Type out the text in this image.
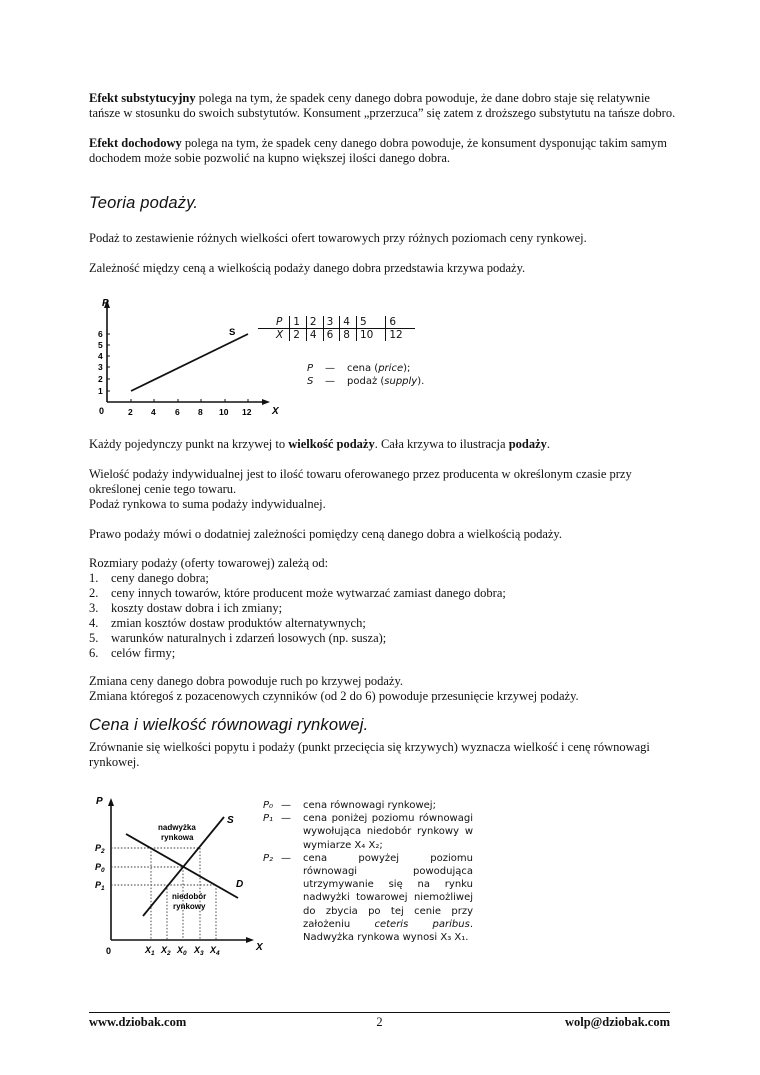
Efekt substytucyjny polega na tym, że spadek ceny danego dobra powoduje, że dane dobro staje się relatywnie tańsze w stosunku do swoich substytutów. Konsument „przerzuca” się zatem z droższego substytutu na tańsze dobro.
Efekt dochodowy polega na tym, że spadek ceny danego dobra powoduje, że konsument dysponując takim samym dochodem może sobie pozwolić na kupno większej ilości danego dobra.
Teoria podaży.
Podaż to zestawienie różnych wielkości ofert towarowych przy różnych poziomach ceny rynkowej.
Zależność między ceną a wielkością podaży danego dobra przedstawia krzywa podaży.
P
X
0
1
2
3
4
5
6
2 4 6 8 10 12
S
P	1	2	3	4	5	6
X	2	4	6	8	10	12
P	—	cena ( price );
S	—	podaż ( supply ).
Każdy pojedynczy punkt na krzywej to wielkość podaży. Cała krzywa to ilustracja podaży.
Wielość podaży indywidualnej jest to ilość towaru oferowanego przez producenta w określonym czasie przy określonej cenie tego towaru.
Podaż rynkowa to suma podaży indywidualnej.
Prawo podaży mówi o dodatniej zależności pomiędzy ceną danego dobra a wielkością podaży.
Rozmiary podaży (oferty towarowej) zależą od:
1.	ceny danego dobra;
2.	ceny innych towarów, które producent może wytwarzać zamiast danego dobra;
3.	koszty dostaw dobra i ich zmiany;
4.	zmian kosztów dostaw produktów alternatywnych;
5.	warunków naturalnych i zdarzeń losowych (np. susza);
6.	celów firmy;
Zmiana ceny danego dobra powoduje ruch po krzywej podaży.
Zmiana któregoś z pozacenowych czynników (od 2 do 6) powoduje przesunięcie krzywej podaży.
Cena i wielkość równowagi rynkowej.
Zrównanie się wielkości popytu i podaży (punkt przecięcia się krzywych) wyznacza wielkość i cenę równowagi rynkowej.
P
X
0
S
D
nadwyżka
rynkowa
niedobór
rynkowy
$P_2$
$P_0$
$P_1$
$X_1$ $X_2$ $X_0$ $X_3$ $X_4$
P₀ —	cena równowagi rynkowej;
P₁ —	cena poniżej poziomu równowagi wywołująca niedobór rynkowy w wymiarze X₄ X₂;
P₂ —	cena powyżej poziomu równowagi powodująca utrzymywanie się na rynku nadwyżki towarowej niemożliwej do zbycia po tej cenie przy założeniu ceteris paribus. Nadwyżka rynkowa wynosi X₃ X₁.
www.dziobak.com	2	wolp@dziobak.com
